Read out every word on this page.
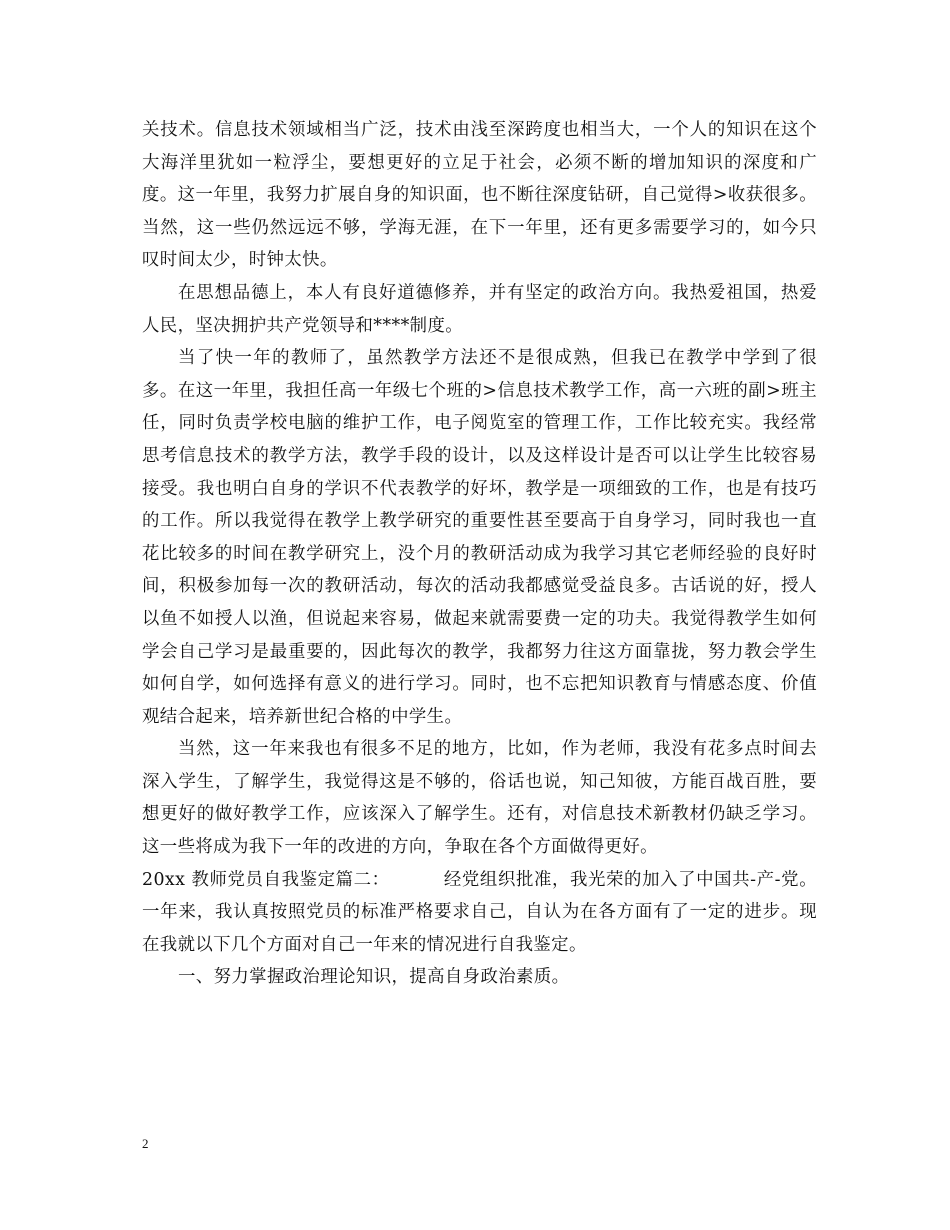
关技术。信息技术领域相当广泛，技术由浅至深跨度也相当大，一个人的知识在这个大海洋里犹如一粒浮尘，要想更好的立足于社会，必须不断的增加知识的深度和广度。这一年里，我努力扩展自身的知识面，也不断往深度钻研，自己觉得>收获很多。当然，这一些仍然远远不够，学海无涯，在下一年里，还有更多需要学习的，如今只叹时间太少，时钟太快。

在思想品德上，本人有良好道德修养，并有坚定的政治方向。我热爱祖国，热爱人民，坚决拥护共产党领导和****制度。

当了快一年的教师了，虽然教学方法还不是很成熟，但我已在教学中学到了很多。在这一年里，我担任高一年级七个班的>信息技术教学工作，高一六班的副>班主任，同时负责学校电脑的维护工作，电子阅览室的管理工作，工作比较充实。我经常思考信息技术的教学方法，教学手段的设计，以及这样设计是否可以让学生比较容易接受。我也明白自身的学识不代表教学的好坏，教学是一项细致的工作，也是有技巧的工作。所以我觉得在教学上教学研究的重要性甚至要高于自身学习，同时我也一直花比较多的时间在教学研究上，没个月的教研活动成为我学习其它老师经验的良好时间，积极参加每一次的教研活动，每次的活动我都感觉受益良多。古话说的好，授人以鱼不如授人以渔，但说起来容易，做起来就需要费一定的功夫。我觉得教学生如何学会自己学习是最重要的，因此每次的教学，我都努力往这方面靠拢，努力教会学生如何自学，如何选择有意义的进行学习。同时，也不忘把知识教育与情感态度、价值观结合起来，培养新世纪合格的中学生。

当然，这一年来我也有很多不足的地方，比如，作为老师，我没有花多点时间去深入学生，了解学生，我觉得这是不够的，俗话也说，知己知彼，方能百战百胜，要想更好的做好教学工作，应该深入了解学生。还有，对信息技术新教材仍缺乏学习。这一些将成为我下一年的改进的方向，争取在各个方面做得更好。

20xx 教师党员自我鉴定篇二：	经党组织批准，我光荣的加入了中国共-产-党。一年来，我认真按照党员的标准严格要求自己，自认为在各方面有了一定的进步。现在我就以下几个方面对自己一年来的情况进行自我鉴定。

一、努力掌握政治理论知识，提高自身政治素质。

2
